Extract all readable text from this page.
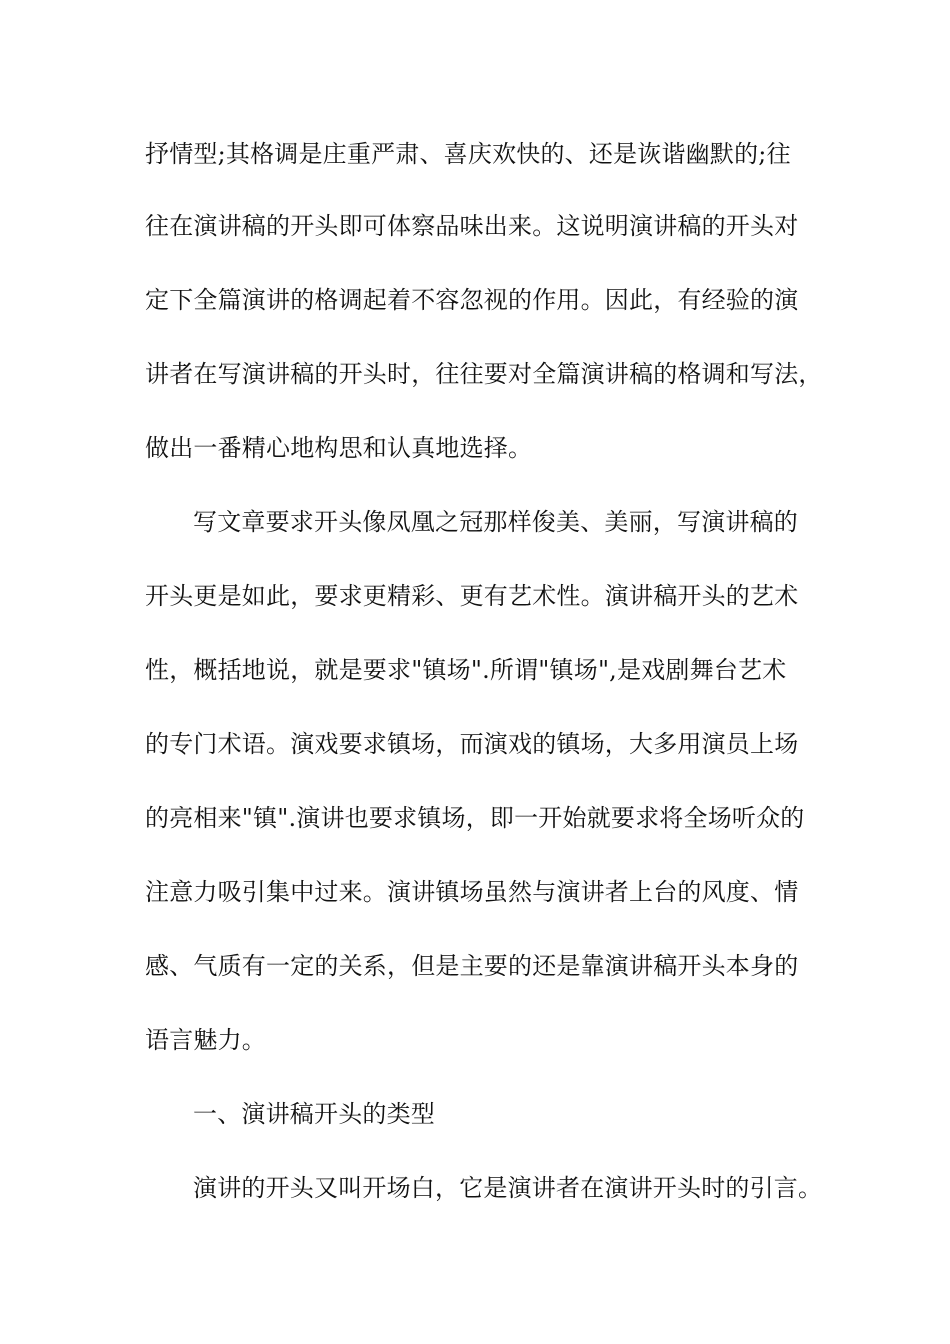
抒情型;其格调是庄重严肃、喜庆欢快的、还是诙谐幽默的;往
往在演讲稿的开头即可体察品味出来。这说明演讲稿的开头对
定下全篇演讲的格调起着不容忽视的作用。因此，有经验的演
讲者在写演讲稿的开头时，往往要对全篇演讲稿的格调和写法，
做出一番精心地构思和认真地选择。
写文章要求开头像凤凰之冠那样俊美、美丽，写演讲稿的
开头更是如此，要求更精彩、更有艺术性。演讲稿开头的艺术
性，概括地说，就是要求"镇场".所谓"镇场",是戏剧舞台艺术
的专门术语。演戏要求镇场，而演戏的镇场，大多用演员上场
的亮相来"镇".演讲也要求镇场，即一开始就要求将全场听众的
注意力吸引集中过来。演讲镇场虽然与演讲者上台的风度、情
感、气质有一定的关系，但是主要的还是靠演讲稿开头本身的
语言魅力。
一、演讲稿开头的类型
演讲的开头又叫开场白，它是演讲者在演讲开头时的引言。
